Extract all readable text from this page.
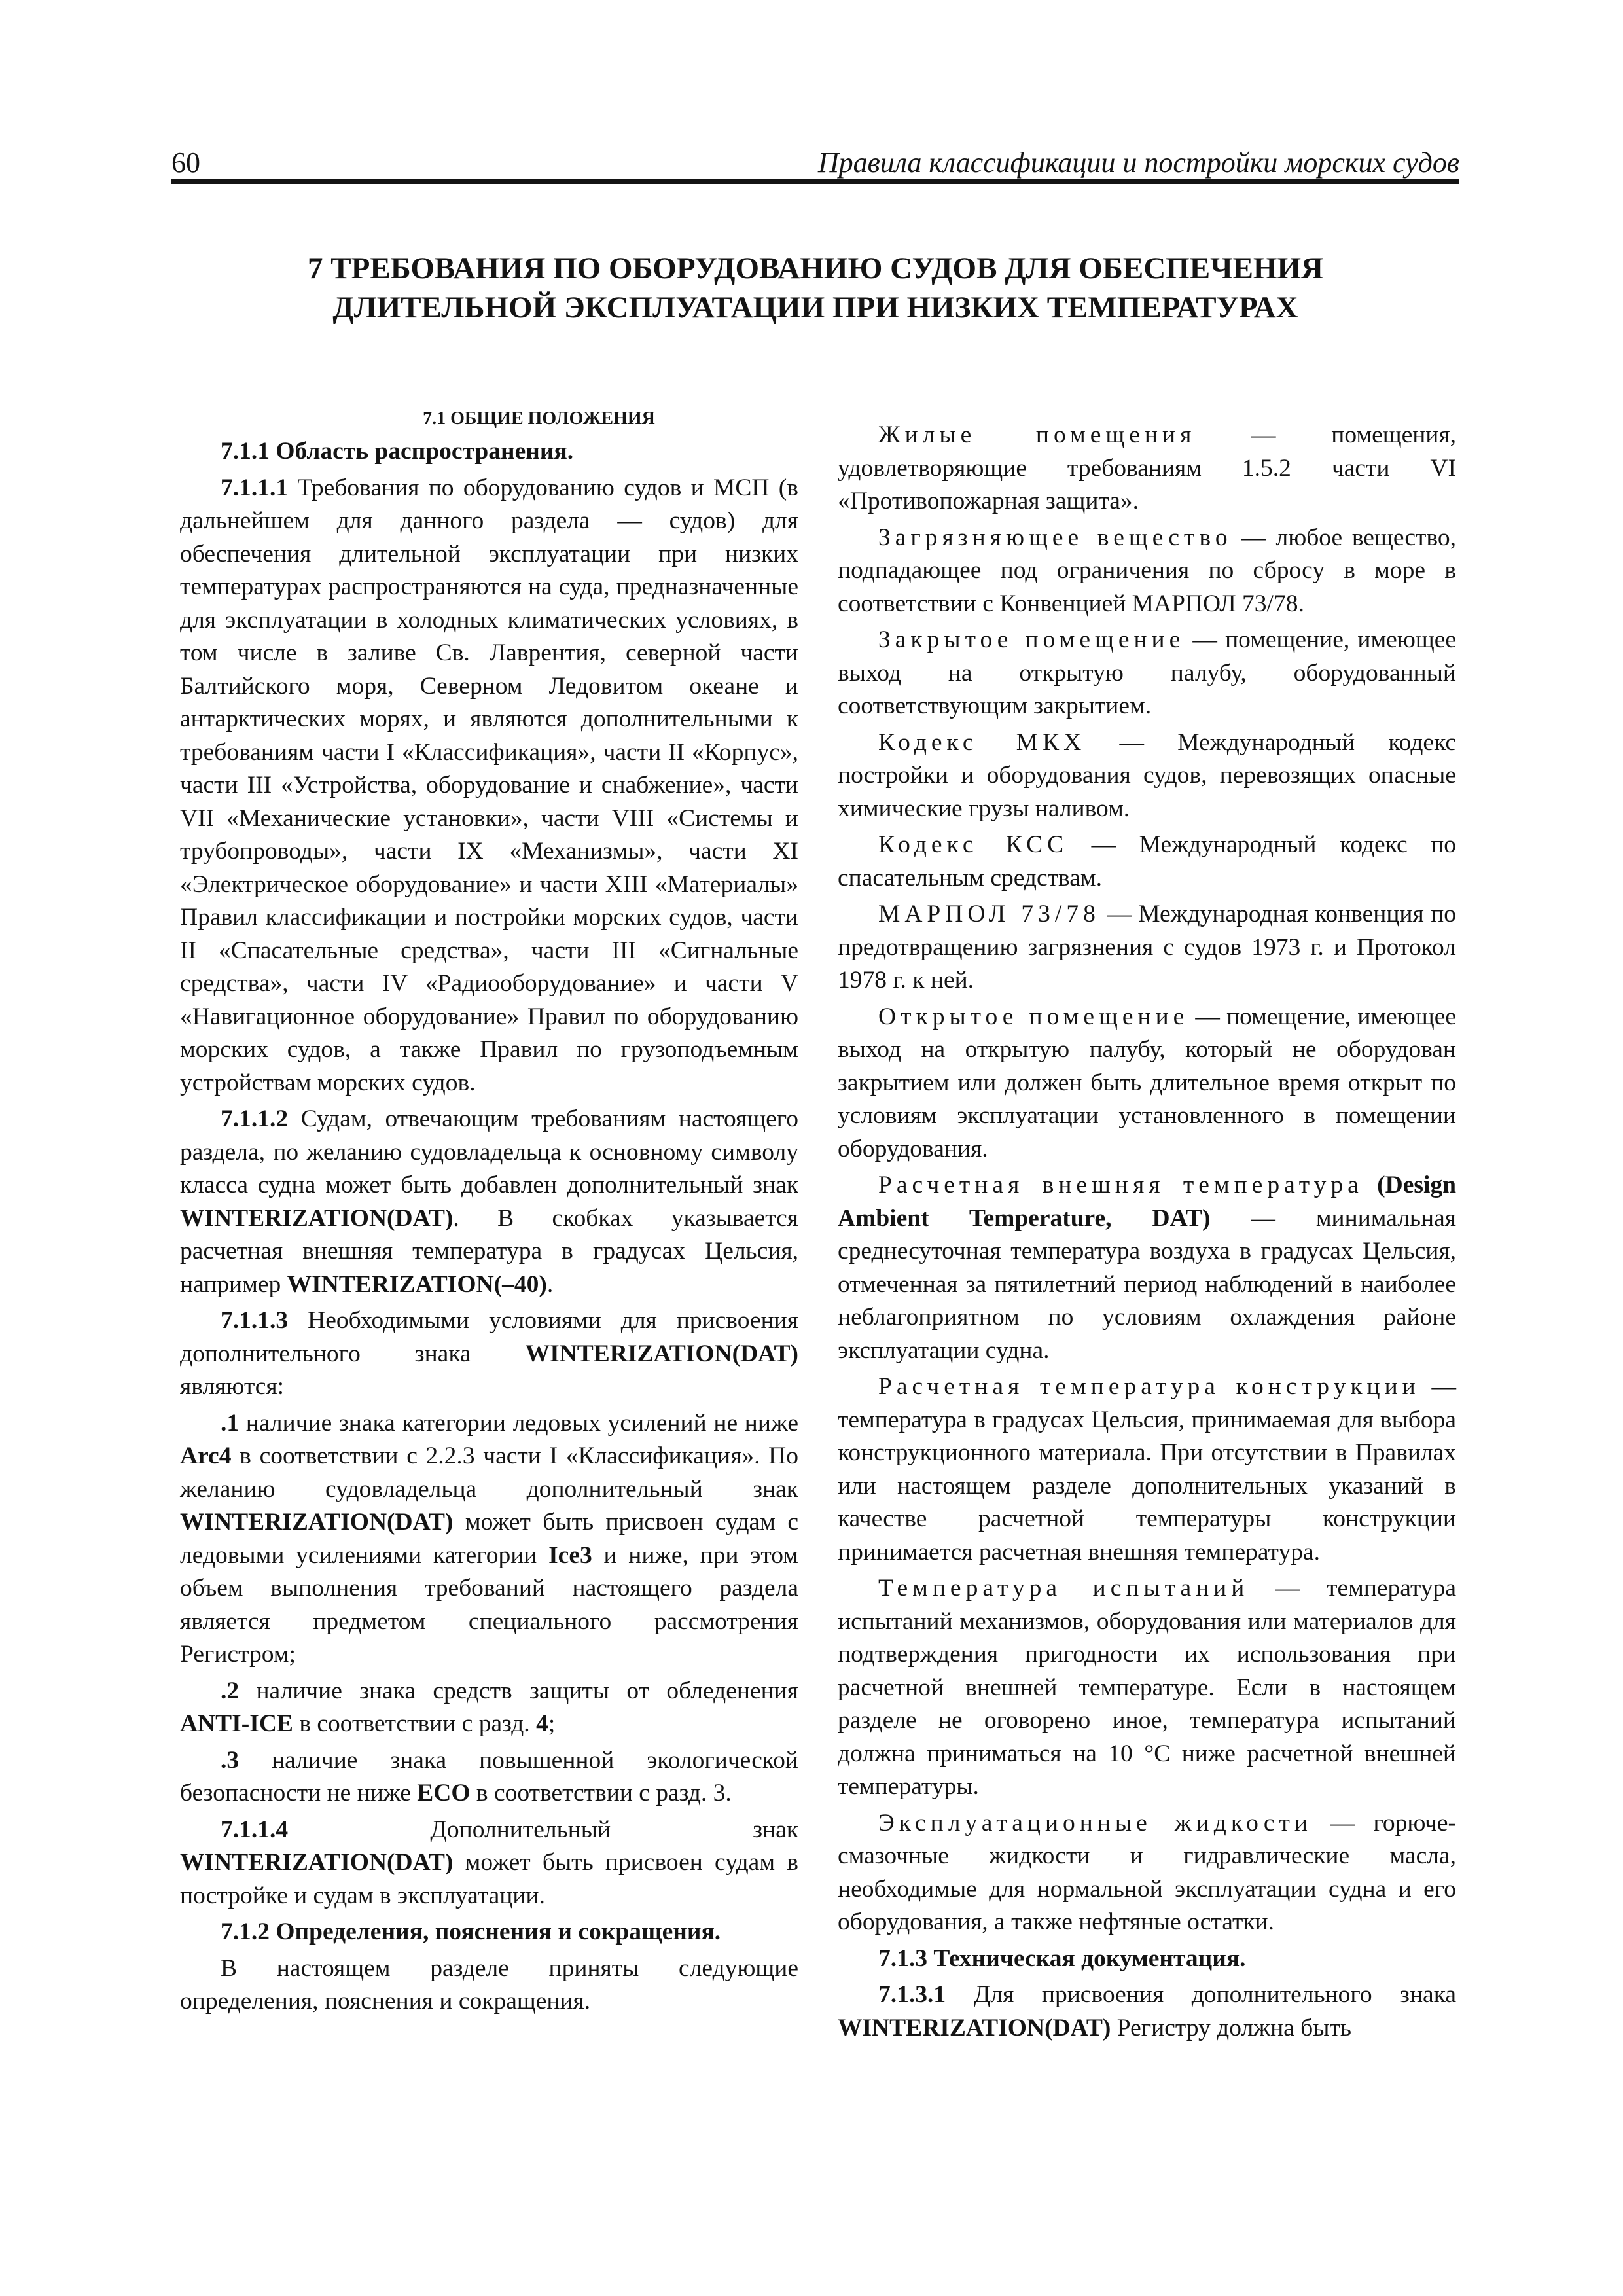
60	Правила классификации и постройки морских судов
7 ТРЕБОВАНИЯ ПО ОБОРУДОВАНИЮ СУДОВ ДЛЯ ОБЕСПЕЧЕНИЯ
ДЛИТЕЛЬНОЙ ЭКСПЛУАТАЦИИ ПРИ НИЗКИХ ТЕМПЕРАТУРАХ

7.1 ОБЩИЕ ПОЛОЖЕНИЯ

7.1.1 Область распространения.

7.1.1.1 Требования по оборудованию судов и МСП (в дальнейшем для данного раздела — судов) для обеспечения длительной эксплуатации при низких температурах распространяются на суда, предназначенные для эксплуатации в холодных климатических условиях, в том числе в заливе Св. Лаврентия, северной части Балтийского моря, Северном Ледовитом океане и антарктических морях, и являются дополнительными к требованиям части I «Классификация», части II «Корпус», части III «Устройства, оборудование и снабжение», части VII «Механические установки», части VIII «Системы и трубопроводы», части IX «Механизмы», части XI «Электрическое оборудование» и части XIII «Материалы» Правил классификации и постройки морских судов, части II «Спасательные средства», части III «Сигнальные средства», части IV «Радиооборудование» и части V «Навигационное оборудование» Правил по оборудованию морских судов, а также Правил по грузоподъемным устройствам морских судов.

7.1.1.2 Судам, отвечающим требованиям настоящего раздела, по желанию судовладельца к основному символу класса судна может быть добавлен дополнительный знак WINTERIZATION(DAT). В скобках указывается расчетная внешняя температура в градусах Цельсия, например WINTERIZATION(–40).

7.1.1.3 Необходимыми условиями для присвоения дополнительного знака WINTERIZATION(DAT) являются:

.1 наличие знака категории ледовых усилений не ниже Arc4 в соответствии с 2.2.3 части I «Классификация». По желанию судовладельца дополнительный знак WINTERIZATION(DAT) может быть присвоен судам с ледовыми усилениями категории Ice3 и ниже, при этом объем выполнения требований настоящего раздела является предметом специального рассмотрения Регистром;

.2 наличие знака средств защиты от обледенения ANTI-ICE в соответствии с разд. 4;

.3 наличие знака повышенной экологической безопасности не ниже ECO в соответствии с разд. 3.

7.1.1.4 Дополнительный знак WINTERIZATION(DAT) может быть присвоен судам в постройке и судам в эксплуатации.

7.1.2 Определения, пояснения и сокращения.

В настоящем разделе приняты следующие определения, пояснения и сокращения.

Жилые помещения — помещения, удовлетворяющие требованиям 1.5.2 части VI «Противопожарная защита».

Загрязняющее вещество — любое вещество, подпадающее под ограничения по сбросу в море в соответствии с Конвенцией МАРПОЛ 73/78.

Закрытое помещение — помещение, имеющее выход на открытую палубу, оборудованный соответствующим закрытием.

Кодекс МКХ — Международный кодекс постройки и оборудования судов, перевозящих опасные химические грузы наливом.

Кодекс КСС — Международный кодекс по спасательным средствам.

МАРПОЛ 73/78 — Международная конвенция по предотвращению загрязнения с судов 1973 г. и Протокол 1978 г. к ней.

Открытое помещение — помещение, имеющее выход на открытую палубу, который не оборудован закрытием или должен быть длительное время открыт по условиям эксплуатации установленного в помещении оборудования.

Расчетная внешняя температура (Design Ambient Temperature, DAT) — минимальная среднесуточная температура воздуха в градусах Цельсия, отмеченная за пятилетний период наблюдений в наиболее неблагоприятном по условиям охлаждения районе эксплуатации судна.

Расчетная температура конструкции — температура в градусах Цельсия, принимаемая для выбора конструкционного материала. При отсутствии в Правилах или настоящем разделе дополнительных указаний в качестве расчетной температуры конструкции принимается расчетная внешняя температура.

Температура испытаний — температура испытаний механизмов, оборудования или материалов для подтверждения пригодности их использования при расчетной внешней температуре. Если в настоящем разделе не оговорено иное, температура испытаний должна приниматься на 10 °С ниже расчетной внешней температуры.

Эксплуатационные жидкости — горюче-смазочные жидкости и гидравлические масла, необходимые для нормальной эксплуатации судна и его оборудования, а также нефтяные остатки.

7.1.3 Техническая документация.

7.1.3.1 Для присвоения дополнительного знака WINTERIZATION(DAT) Регистру должна быть
